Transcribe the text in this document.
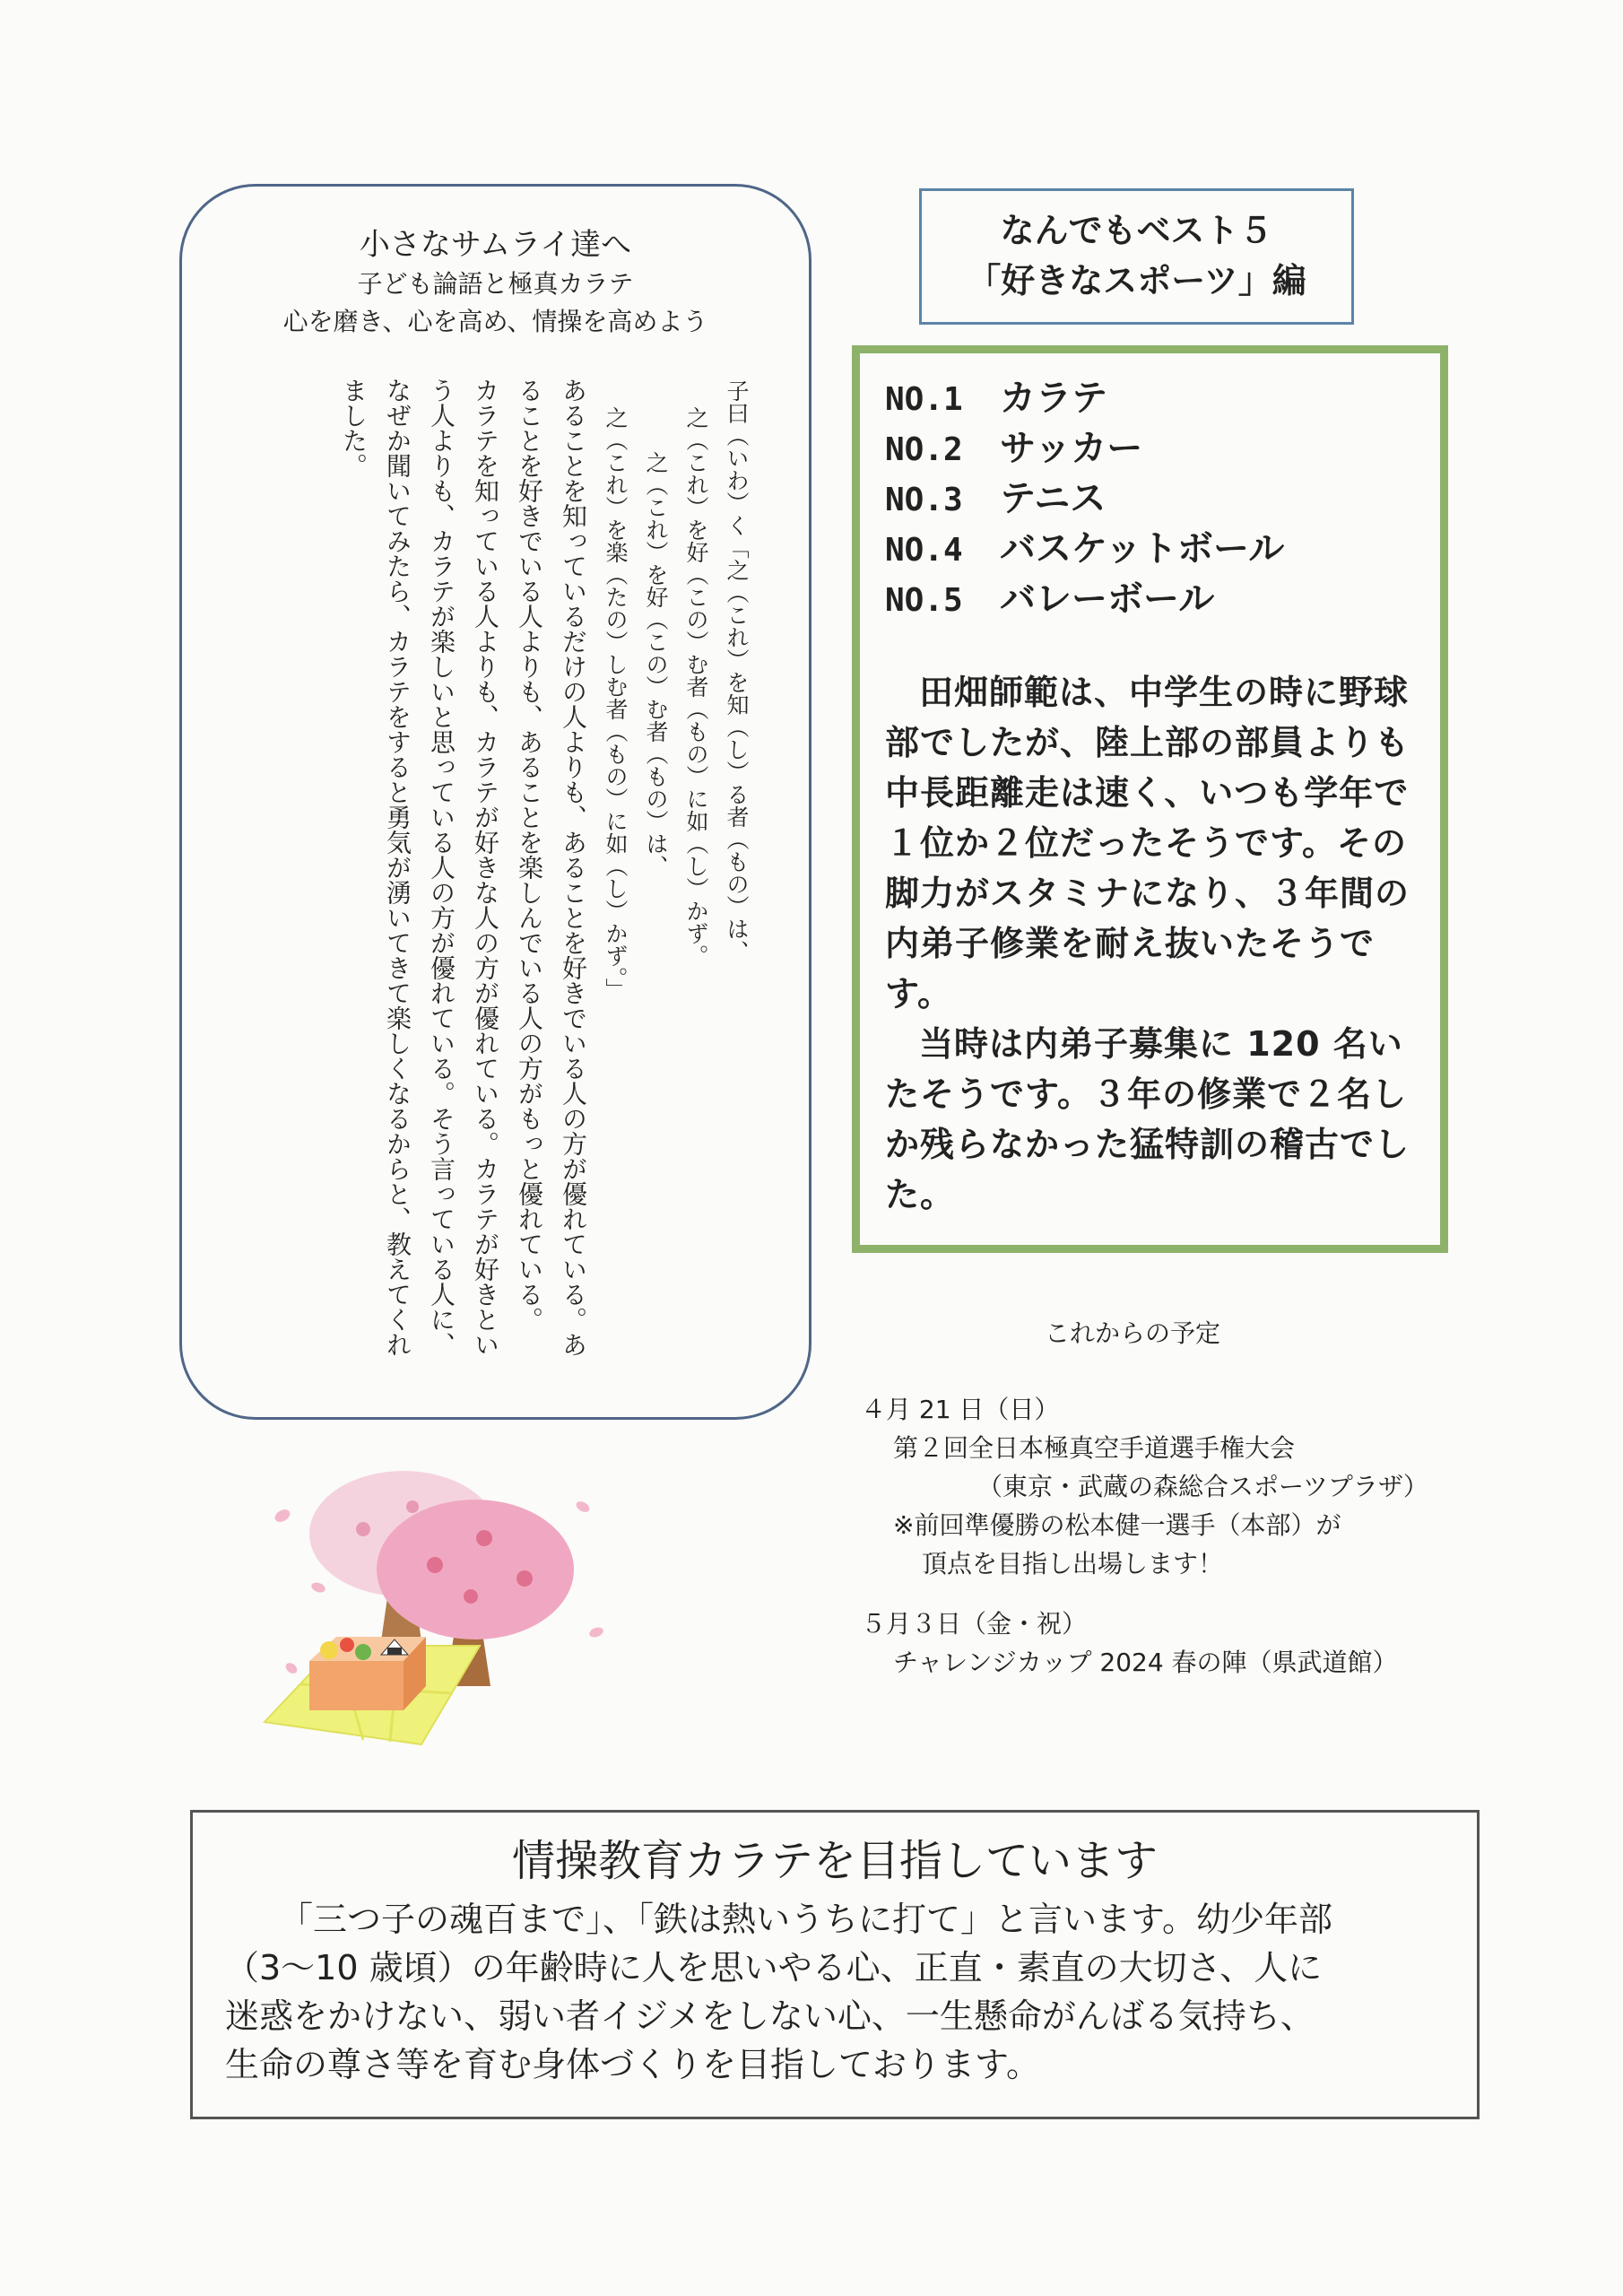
小さなサムライ達へ
子ども論語と極真カラテ
心を磨き、心を高め、情操を高めよう

子曰（いわ）く「之（これ）を知（し）る者（もの）は、

之（これ）を好（この）む者（もの）に如（し）かず。

之（これ）を好（この）む者（もの）は、

之（これ）を楽（たの）しむ者（もの）に如（し）かず。」

あることを知っているだけの人よりも、あることを好きでいる人の方が優れている。あることを好きでいる人よりも、あることを楽しんでいる人の方がもっと優れている。

カラテを知っている人よりも、カラテが好きな人の方が優れている。カラテが好きという人よりも、カラテが楽しいと思っている人の方が優れている。そう言っている人に、なぜか聞いてみたら、カラテをすると勇気が湧いてきて楽しくなるからと、教えてくれました。

なんでもベスト５
「好きなスポーツ」編
NO.1 カラテ
NO.2 サッカー
NO.3 テニス
NO.4 バスケットボール
NO.5 バレーボール

田畑師範は、中学生の時に野球部でしたが、陸上部の部員よりも中長距離走は速く、いつも学年で１位か２位だったそうです。その脚力がスタミナになり、３年間の内弟子修業を耐え抜いたそうです。

当時は内弟子募集に 120 名いたそうです。３年の修業で２名しか残らなかった猛特訓の稽古でした。

これからの予定
４月 21 日（日）
第２回全日本極真空手道選手権大会
（東京・武蔵の森総合スポーツプラザ）
※前回準優勝の松本健一選手（本部）が
頂点を目指し出場します！
５月３日（金・祝）
チャレンジカップ 2024 春の陣（県武道館）
情操教育カラテを目指しています

「三つ子の魂百まで」、「鉄は熱いうちに打て」と言います。幼少年部
（3～10 歳頃）の年齢時に人を思いやる心、正直・素直の大切さ、人に
迷惑をかけない、弱い者イジメをしない心、一生懸命がんばる気持ち、
生命の尊さ等を育む身体づくりを目指しております。
